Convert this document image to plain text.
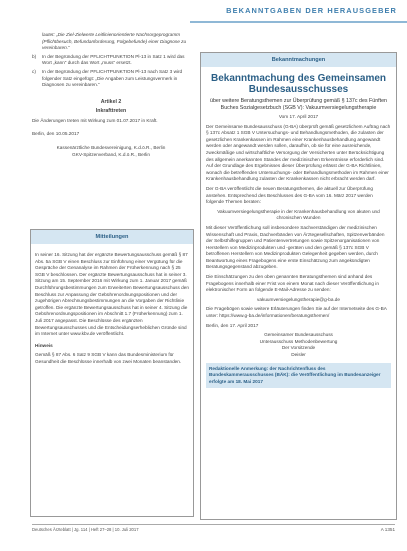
BEKANNTGABEN DER HERAUSGEBER
lautet: „Die Ziel-Zielwerte Leitlinienorientierte Nachsorgeprogramm (Pflichtbesuch, Befundanforderung, Folgebefunde) einer Diagnose zu vereinbaren.“
b)	In der Begründung der PFLICHTPUNKTION Pl-13 in Satz 1 wird das Wort „kann“ durch das Wort „muss“ ersetzt.
c)	In der Begründung der PFLICHTPUNKTION Pl-13 nach Satz 3 wird folgender Satz eingefügt: „Die Angaben zum Leistungsvermerk in Diagnosen zu vereinbaren.“

Artikel 2

Inkrafttreten

Die Änderungen treten mit Wirkung zum 01.07.2017 in Kraft.

Berlin, den 10.05.2017

Kassenärztliche Bundesvereinigung, K.d.ö.R., Berlin
GKV-Spitzenverband, K.d.ö.R., Berlin

Mitteilungen

In seiner 16. Sitzung hat der ergänzte Bewertungsausschuss gemäß § 87 Abs. 5a SGB V einen Beschluss zur Einführung einer Vergütung für die Gespräche der Genanalyse im Rahmen der Früherkennung nach § 25 SGB V beschlossen. Der ergänzte Bewertungsausschuss hat in seiner 3. Sitzung am 15. September 2016 mit Wirkung zum 1. Januar 2017 gemäß Durchführungsbestimmungen zum Erweiterten Bewertungsausschuss den Beschluss zur Anpassung der Gebührenordnungspositionen und der zugehörigen Abrechnungsbestimmungen an die Vorgaben der Richtlinie getroffen. Die ergänzte Bewertungsausschuss hat in seiner 4. Sitzung die Gebührenordnungspositionen im Abschnitt 1.7 (Früherkennung) zum 1. Juli 2017 angepasst. Die Beschlüsse des ergänzten Bewertungsausschusses und die Entscheidungserheblichen Gründe sind im Internet unter www.kbv.de veröffentlicht.

Hinweis

Gemäß § 87 Abs. 6 Satz 9 SGB V kann das Bundesministerium für Gesundheit die Beschlüsse innerhalb von zwei Monaten beanstanden.

Bekanntmachungen
Bekanntmachung des Gemeinsamen Bundesausschusses
über weitere Beratungsthemen zur Überprüfung gemäß § 137c des Fünften Buches Sozialgesetzbuch (SGB V): Vakuumversiegelungstherapie

Vom 17. April 2017

Der Gemeinsame Bundesausschuss (G-BA) überprüft gemäß gesetzlichem Auftrag nach § 137c Absatz 1 SGB V Untersuchungs- und Behandlungsmethoden, die zulasten der gesetzlichen Krankenkassen im Rahmen einer Krankenhausbehandlung angewandt werden oder angewandt werden sollen, daraufhin, ob sie für eine ausreichende, zweckmäßige und wirtschaftliche Versorgung der Versicherten unter Berücksichtigung des allgemein anerkannten Standes der medizinischen Erkenntnisse erforderlich sind. Auf der Grundlage des Ergebnisses dieser Überprüfung erlässt der G-BA Richtlinien, wonach die betreffenden Untersuchungs- oder Behandlungsmethoden im Rahmen einer Krankenhausbehandlung zulasten der Krankenkassen nicht erbracht werden darf.

Der G-BA veröffentlicht die neuen Beratungsthemen, die aktuell zur Überprüfung anstehen. Entsprechend des Beschlusses des G-BA vom 16. März 2017 werden folgende Themen beraten:

Vakuumversiegelungstherapie in der Krankenhausbehandlung von akuten und chronischen Wunden

Mit dieser Veröffentlichung soll insbesondere Sachverständigen der medizinischen Wissenschaft und Praxis, Dachverbänden von Ärztegesellschaften, Spitzenverbänden der Selbsthilfegruppen und Patientenvertretungen sowie Spitzenorganisationen von Herstellern von Medizinprodukten und -geräten und den gemäß § 137c SGB V betroffenen Herstellern von Medizinprodukten Gelegenheit gegeben werden, durch Beantwortung eines Fragebogens eine erste Einschätzung zum angekündigten Beratungsgegenstand abzugeben.

Die Einschätzungen zu den oben genannten Beratungsthemen sind anhand des Fragebogens innerhalb einer Frist von einem Monat nach dieser Veröffentlichung in elektronischer Form an folgende E-Mail-Adresse zu senden:

vakuumversiegelungstherapie@g-ba.de

Die Fragebögen sowie weitere Erläuterungen finden Sie auf der Internetseite des G-BA unter: https://www.g-ba.de/informationen/beratungsthemen/

Berlin, den 17. April 2017

Gemeinsamer Bundesausschuss

Unterausschuss Methodenbewertung

Der Vorsitzende

Deisler

Redaktionelle Anmerkung: der Nachrichtenfluss des Bundeskammerausschusses (BÄK): die Veröffentlichung im Bundesanzeiger erfolgte am 18. Mai 2017
Deutsches Ärzteblatt | Jg. 114 | Heft 27–28 | 10. Juli 2017	A 1351
